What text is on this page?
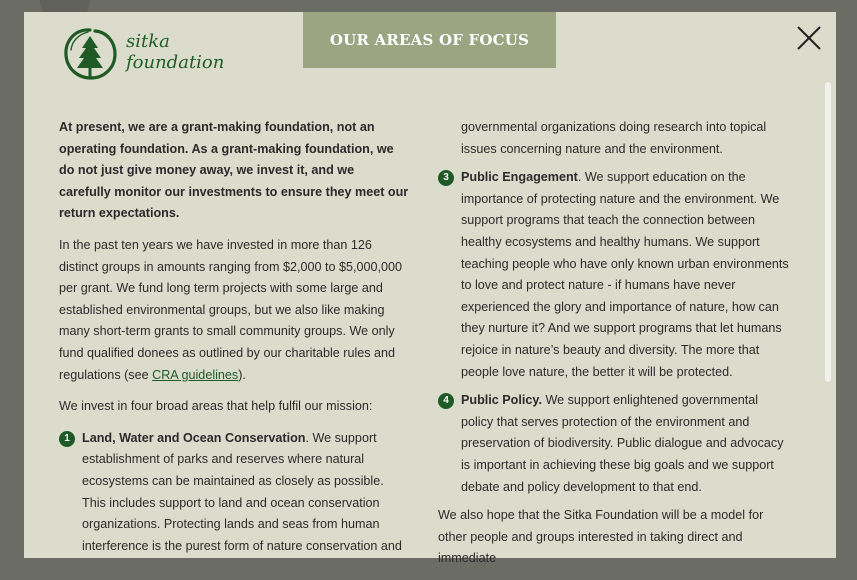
sitka
foundation
OUR AREAS OF FOCUS

At present, we are a grant-making foundation, not an operating foundation. As a grant-making foundation, we do not just give money away, we invest it, and we carefully monitor our investments to ensure they meet our return expectations.

In the past ten years we have invested in more than 126 distinct groups in amounts ranging from $2,000 to $5,000,000 per grant. We fund long term projects with some large and established environmental groups, but we also like making many short-term grants to small community groups. We only fund qualified donees as outlined by our charitable rules and regulations (see CRA guidelines).

We invest in four broad areas that help fulfil our mission:

1 Land, Water and Ocean Conservation. We support establishment of parks and reserves where natural ecosystems can be maintained as closely as possible. This includes support to land and ocean conservation organizations. Protecting lands and seas from human interference is the purest form of nature conservation and

governmental organizations doing research into topical issues concerning nature and the environment.

3 Public Engagement. We support education on the importance of protecting nature and the environment. We support programs that teach the connection between healthy ecosystems and healthy humans. We support teaching people who have only known urban environments to love and protect nature - if humans have never experienced the glory and importance of nature, how can they nurture it? And we support programs that let humans rejoice in nature’s beauty and diversity. The more that people love nature, the better it will be protected.
4 Public Policy. We support enlightened governmental policy that serves protection of the environment and preservation of biodiversity. Public dialogue and advocacy is important in achieving these big goals and we support debate and policy development to that end.

We also hope that the Sitka Foundation will be a model for other people and groups interested in taking direct and immediate
